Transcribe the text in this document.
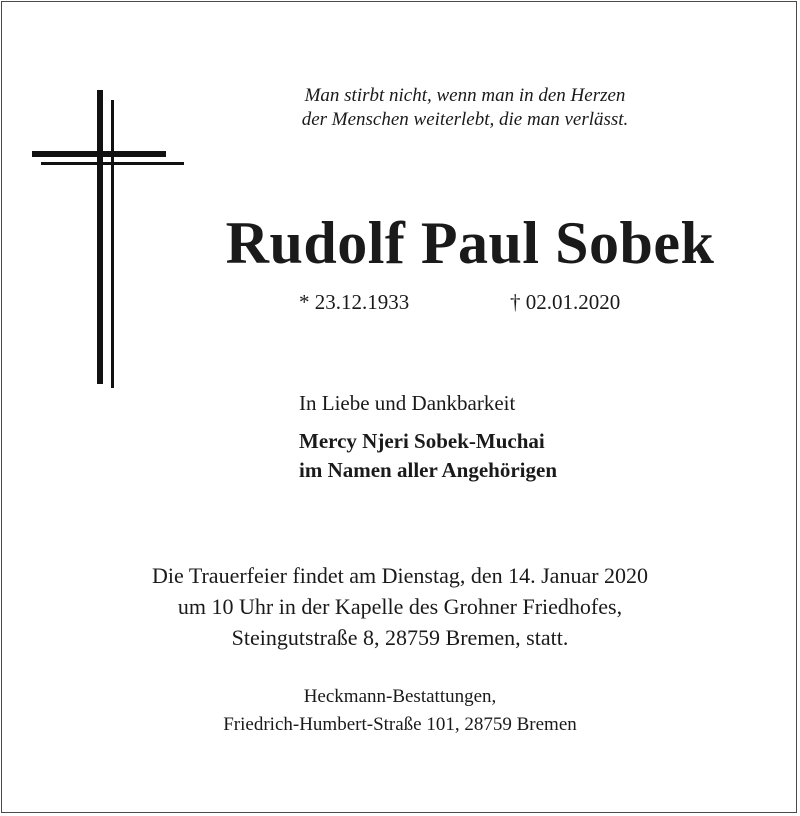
Man stirbt nicht, wenn man in den Herzen
der Menschen weiterlebt, die man verlässt.
Rudolf Paul Sobek
* 23.12.1933	† 02.01.2020
In Liebe und Dankbarkeit
Mercy Njeri Sobek-Muchai
im Namen aller Angehörigen
Die Trauerfeier findet am Dienstag, den 14. Januar 2020
um 10 Uhr in der Kapelle des Grohner Friedhofes,
Steingutstraße 8, 28759 Bremen, statt.
Heckmann-Bestattungen,
Friedrich-Humbert-Straße 101, 28759 Bremen
